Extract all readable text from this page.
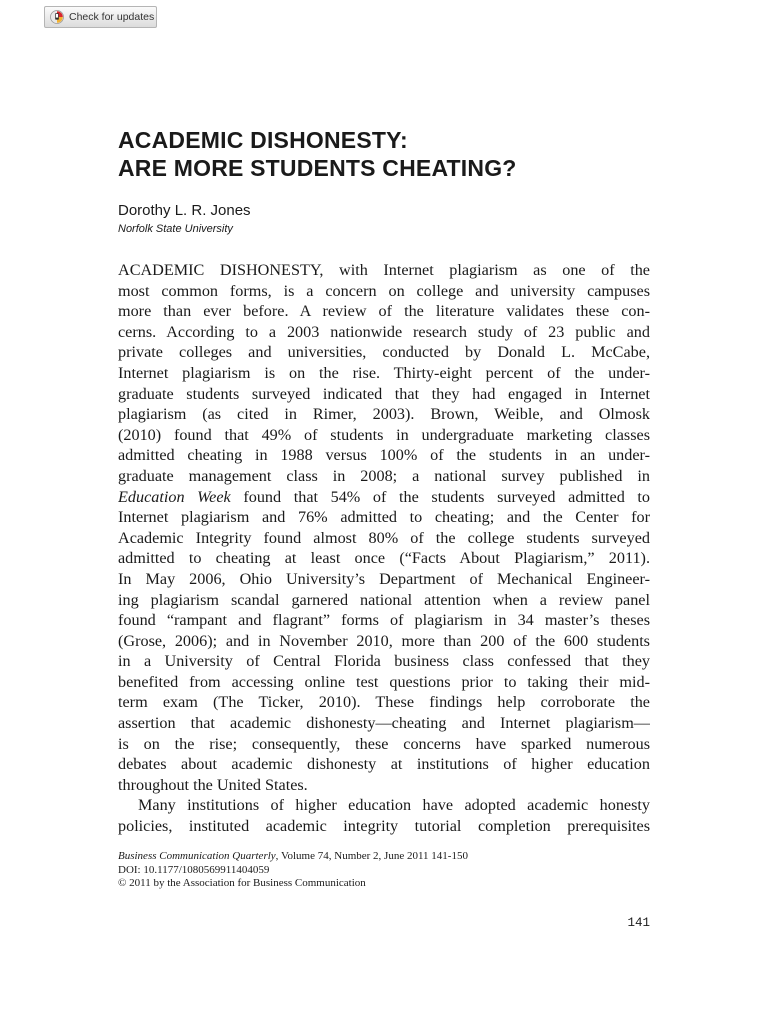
Check for updates
ACADEMIC DISHONESTY:
ARE MORE STUDENTS CHEATING?

Dorothy L. R. Jones

Norfolk State University

ACADEMIC DISHONESTY, with Internet plagiarism as one of the
most common forms, is a concern on college and university campuses
more than ever before. A review of the literature validates these con-
cerns. According to a 2003 nationwide research study of 23 public and
private colleges and universities, conducted by Donald L. McCabe,
Internet plagiarism is on the rise. Thirty-eight percent of the under-
graduate students surveyed indicated that they had engaged in Internet
plagiarism (as cited in Rimer, 2003). Brown, Weible, and Olmosk
(2010) found that 49% of students in undergraduate marketing classes
admitted cheating in 1988 versus 100% of the students in an under-
graduate management class in 2008; a national survey published in
Education Week found that 54% of the students surveyed admitted to
Internet plagiarism and 76% admitted to cheating; and the Center for
Academic Integrity found almost 80% of the college students surveyed
admitted to cheating at least once (“Facts About Plagiarism,” 2011).
In May 2006, Ohio University’s Department of Mechanical Engineer-
ing plagiarism scandal garnered national attention when a review panel
found “rampant and flagrant” forms of plagiarism in 34 master’s theses
(Grose, 2006); and in November 2010, more than 200 of the 600 students
in a University of Central Florida business class confessed that they
benefited from accessing online test questions prior to taking their mid-
term exam (The Ticker, 2010). These findings help corroborate the
assertion that academic dishonesty—cheating and Internet plagiarism—
is on the rise; consequently, these concerns have sparked numerous
debates about academic dishonesty at institutions of higher education
throughout the United States.
Many institutions of higher education have adopted academic honesty
policies, instituted academic integrity tutorial completion prerequisites
Business Communication Quarterly, Volume 74, Number 2, June 2011 141-150
DOI: 10.1177/1080569911404059
© 2011 by the Association for Business Communication
141
